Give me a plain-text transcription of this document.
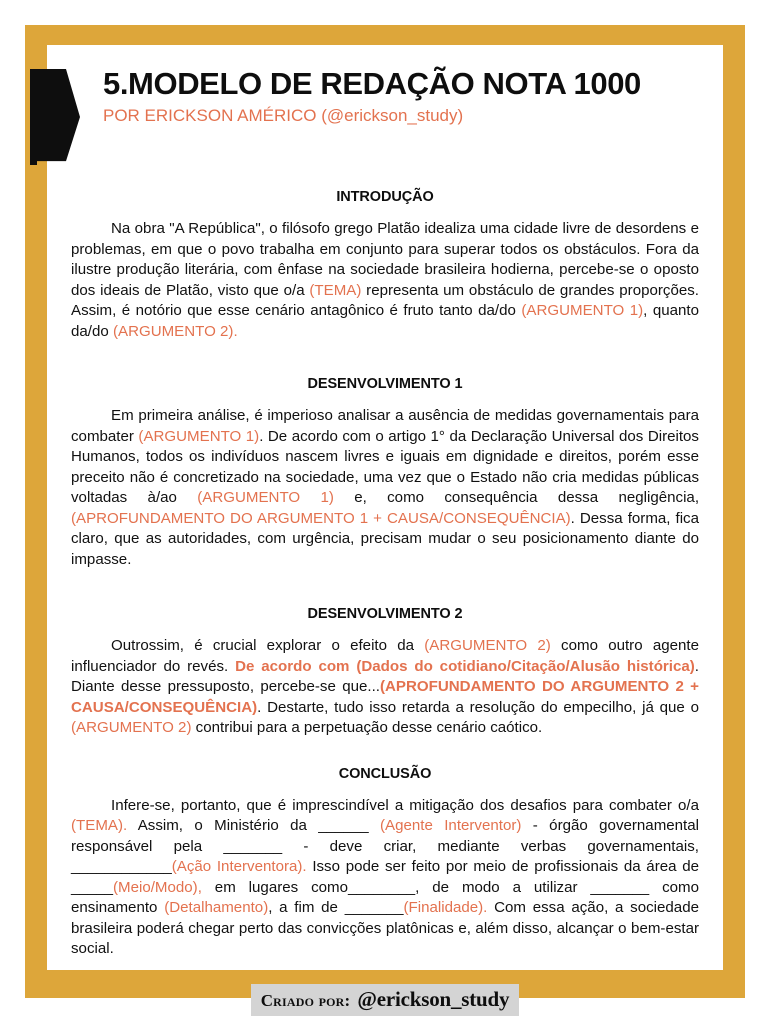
5.MODELO DE REDAÇÃO NOTA 1000
POR ERICKSON AMÉRICO (@erickson_study)
INTRODUÇÃO

Na obra "A República", o filósofo grego Platão idealiza uma cidade livre de desordens e problemas, em que o povo trabalha em conjunto para superar todos os obstáculos. Fora da ilustre produção literária, com ênfase na sociedade brasileira hodierna, percebe-se o oposto dos ideais de Platão, visto que o/a (TEMA) representa um obstáculo de grandes proporções. Assim, é notório que esse cenário antagônico é fruto tanto da/do (ARGUMENTO 1), quanto da/do (ARGUMENTO 2).

DESENVOLVIMENTO 1

Em primeira análise, é imperioso analisar a ausência de medidas governamentais para combater (ARGUMENTO 1). De acordo com o artigo 1° da Declaração Universal dos Direitos Humanos, todos os indivíduos nascem livres e iguais em dignidade e direitos, porém esse preceito não é concretizado na sociedade, uma vez que o Estado não cria medidas públicas voltadas à/ao (ARGUMENTO 1) e, como consequência dessa negligência, (APROFUNDAMENTO DO ARGUMENTO 1 + CAUSA/CONSEQUÊNCIA). Dessa forma, fica claro, que as autoridades, com urgência, precisam mudar o seu posicionamento diante do impasse.

DESENVOLVIMENTO 2

Outrossim, é crucial explorar o efeito da (ARGUMENTO 2) como outro agente influenciador do revés. De acordo com (Dados do cotidiano/Citação/Alusão histórica). Diante desse pressuposto, percebe-se que...(APROFUNDAMENTO DO ARGUMENTO 2 + CAUSA/CONSEQUÊNCIA). Destarte, tudo isso retarda a resolução do empecilho, já que o (ARGUMENTO 2) contribui para a perpetuação desse cenário caótico.

CONCLUSÃO

Infere-se, portanto, que é imprescindível a mitigação dos desafios para combater o/a (TEMA). Assim, o Ministério da ______ (Agente Interventor) - órgão governamental responsável pela _______ - deve criar, mediante verbas governamentais, ____________(Ação Interventora). Isso pode ser feito por meio de profissionais da área de _____(Meio/Modo), em lugares como________, de modo a utilizar _______ como ensinamento (Detalhamento), a fim de _______(Finalidade). Com essa ação, a sociedade brasileira poderá chegar perto das convicções platônicas e, além disso, alcançar o bem-estar social.

Criado por: @erickson_study
